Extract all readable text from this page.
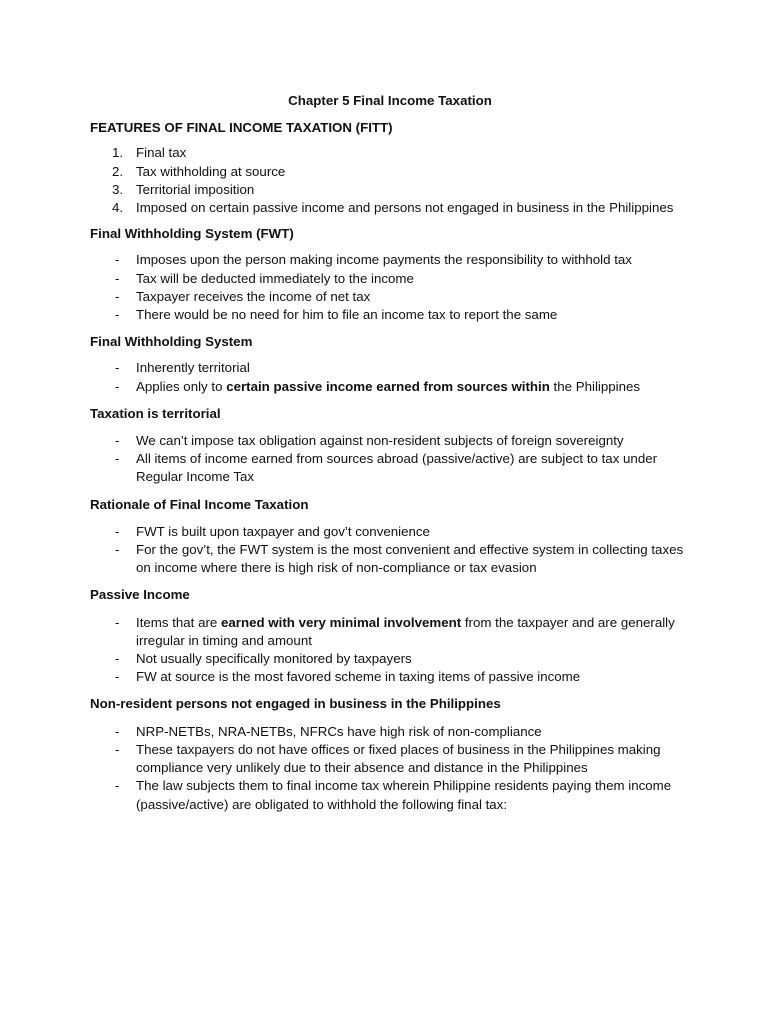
Chapter 5 Final Income Taxation

FEATURES OF FINAL INCOME TAXATION (FITT)

1. Final tax
2. Tax withholding at source
3. Territorial imposition
4. Imposed on certain passive income and persons not engaged in business in the Philippines

Final Withholding System (FWT)

- Imposes upon the person making income payments the responsibility to withhold tax
- Tax will be deducted immediately to the income
- Taxpayer receives the income of net tax
- There would be no need for him to file an income tax to report the same

Final Withholding System

- Inherently territorial
- Applies only to certain passive income earned from sources within the Philippines

Taxation is territorial

- We can’t impose tax obligation against non-resident subjects of foreign sovereignty
- All items of income earned from sources abroad (passive/active) are subject to tax under Regular Income Tax

Rationale of Final Income Taxation

- FWT is built upon taxpayer and gov’t convenience
- For the gov’t, the FWT system is the most convenient and effective system in collecting taxes on income where there is high risk of non-compliance or tax evasion

Passive Income

- Items that are earned with very minimal involvement from the taxpayer and are generally irregular in timing and amount
- Not usually specifically monitored by taxpayers
- FW at source is the most favored scheme in taxing items of passive income

Non-resident persons not engaged in business in the Philippines

- NRP-NETBs, NRA-NETBs, NFRCs have high risk of non-compliance
- These taxpayers do not have offices or fixed places of business in the Philippines making compliance very unlikely due to their absence and distance in the Philippines
- The law subjects them to final income tax wherein Philippine residents paying them income (passive/active) are obligated to withhold the following final tax:
